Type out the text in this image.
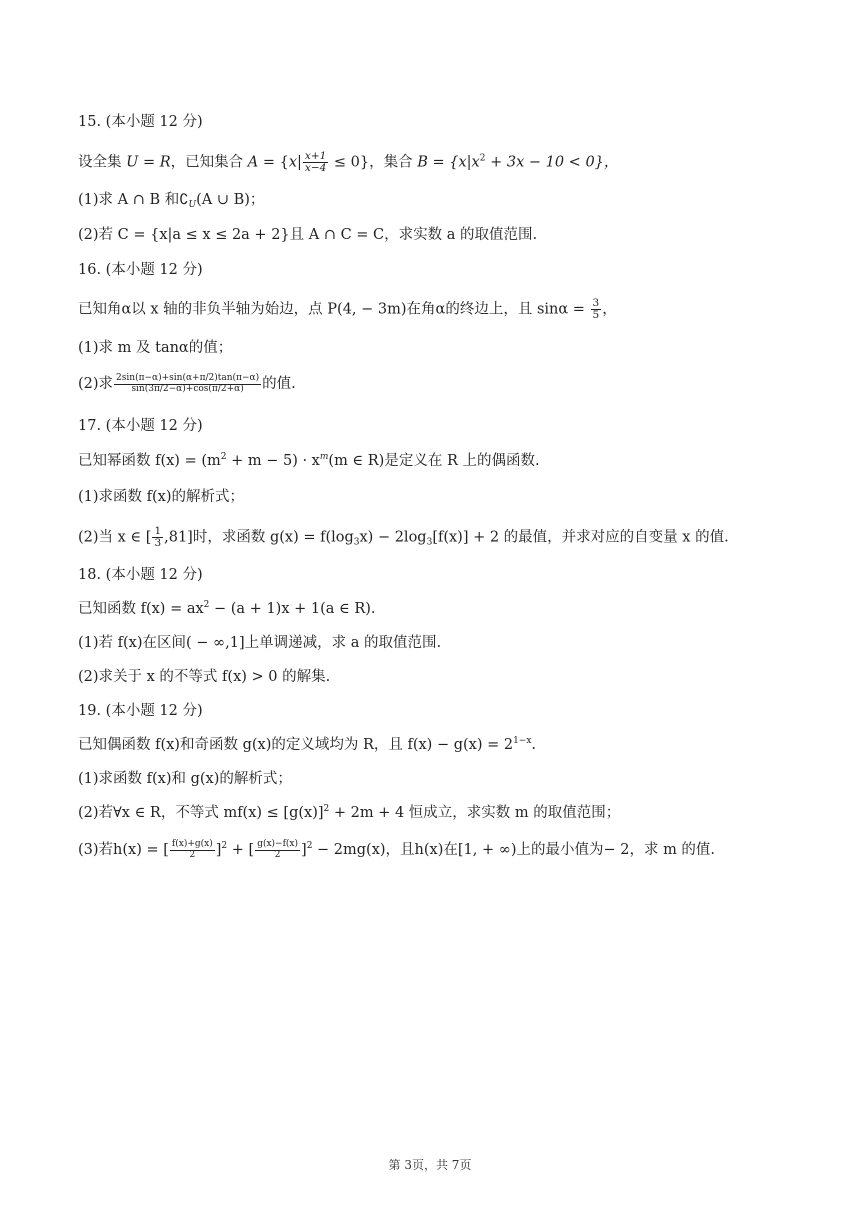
15. (本小题 12 分)
设全集 U = R，已知集合 $A = \{x| \frac{x+1}{x-4} \le 0\}$，集合 $B = \{x|x^2 + 3x - 10 < 0\}$，
(1)求 A ∩ B 和$∁_U(A$ ∪ B)；
(2)若 C = {x|a ≤ x ≤ 2a + 2}且 A ∩ C = C，求实数 a 的取值范围.
16. (本小题 12 分)
已知角α以 x 轴的非负半轴为始边，点 P(4, − 3m)在角α的终边上，且 $\sin\alpha = \frac{3}{5}$ ，
(1)求 m 及 tanα的值；
(2)求 $\frac{2\sin(\pi-\alpha)+\sin(\alpha+\pi/2)\tan(\pi-\alpha)}{\sin(3\pi/2-\alpha)+\cos(\pi/2+\alpha)}$ 的值.
17. (本小题 12 分)
已知幂函数 $f(x) = (m^2 + m - 5) \cdot x^m(m$ ∈ R)是定义在 R 上的偶函数.
(1)求函数 f(x)的解析式；
(2)当 x ∈ [ $\frac{1}{3} ,81$]时，求函数 $g(x) = f(\log_3x) - 2\log_3[f(x)] + 2$ 的最值，并求对应的自变量 x 的值.
18. (本小题 12 分)
已知函数 $f(x) = ax^2 - (a + 1)x + 1(a$ ∈ R).
(1)若 f(x)在区间( − ∞,1]上单调递减，求 a 的取值范围.
(2)求关于 x 的不等式 f(x) > 0 的解集.
19. (本小题 12 分)
已知偶函数 f(x)和奇函数 g(x)的定义域均为 R，且 $f(x) - g(x) = 2^{1-x}$.
(1)求函数 f(x)和 g(x)的解析式；
(2)若∀x ∈ R，不等式 $mf(x) \le [g(x)]^2 + 2m + 4$ 恒成立，求实数 m 的取值范围；
(3)若h(x) = [ $\frac{f(x)+g(x)}{2} ]^2$ + [ $\frac{g(x)-f(x)}{2} ]^2 - 2mg(x)$，且h(x)在[1, + ∞)上的最小值为− 2，求 m 的值.
第 3页，共 7页
